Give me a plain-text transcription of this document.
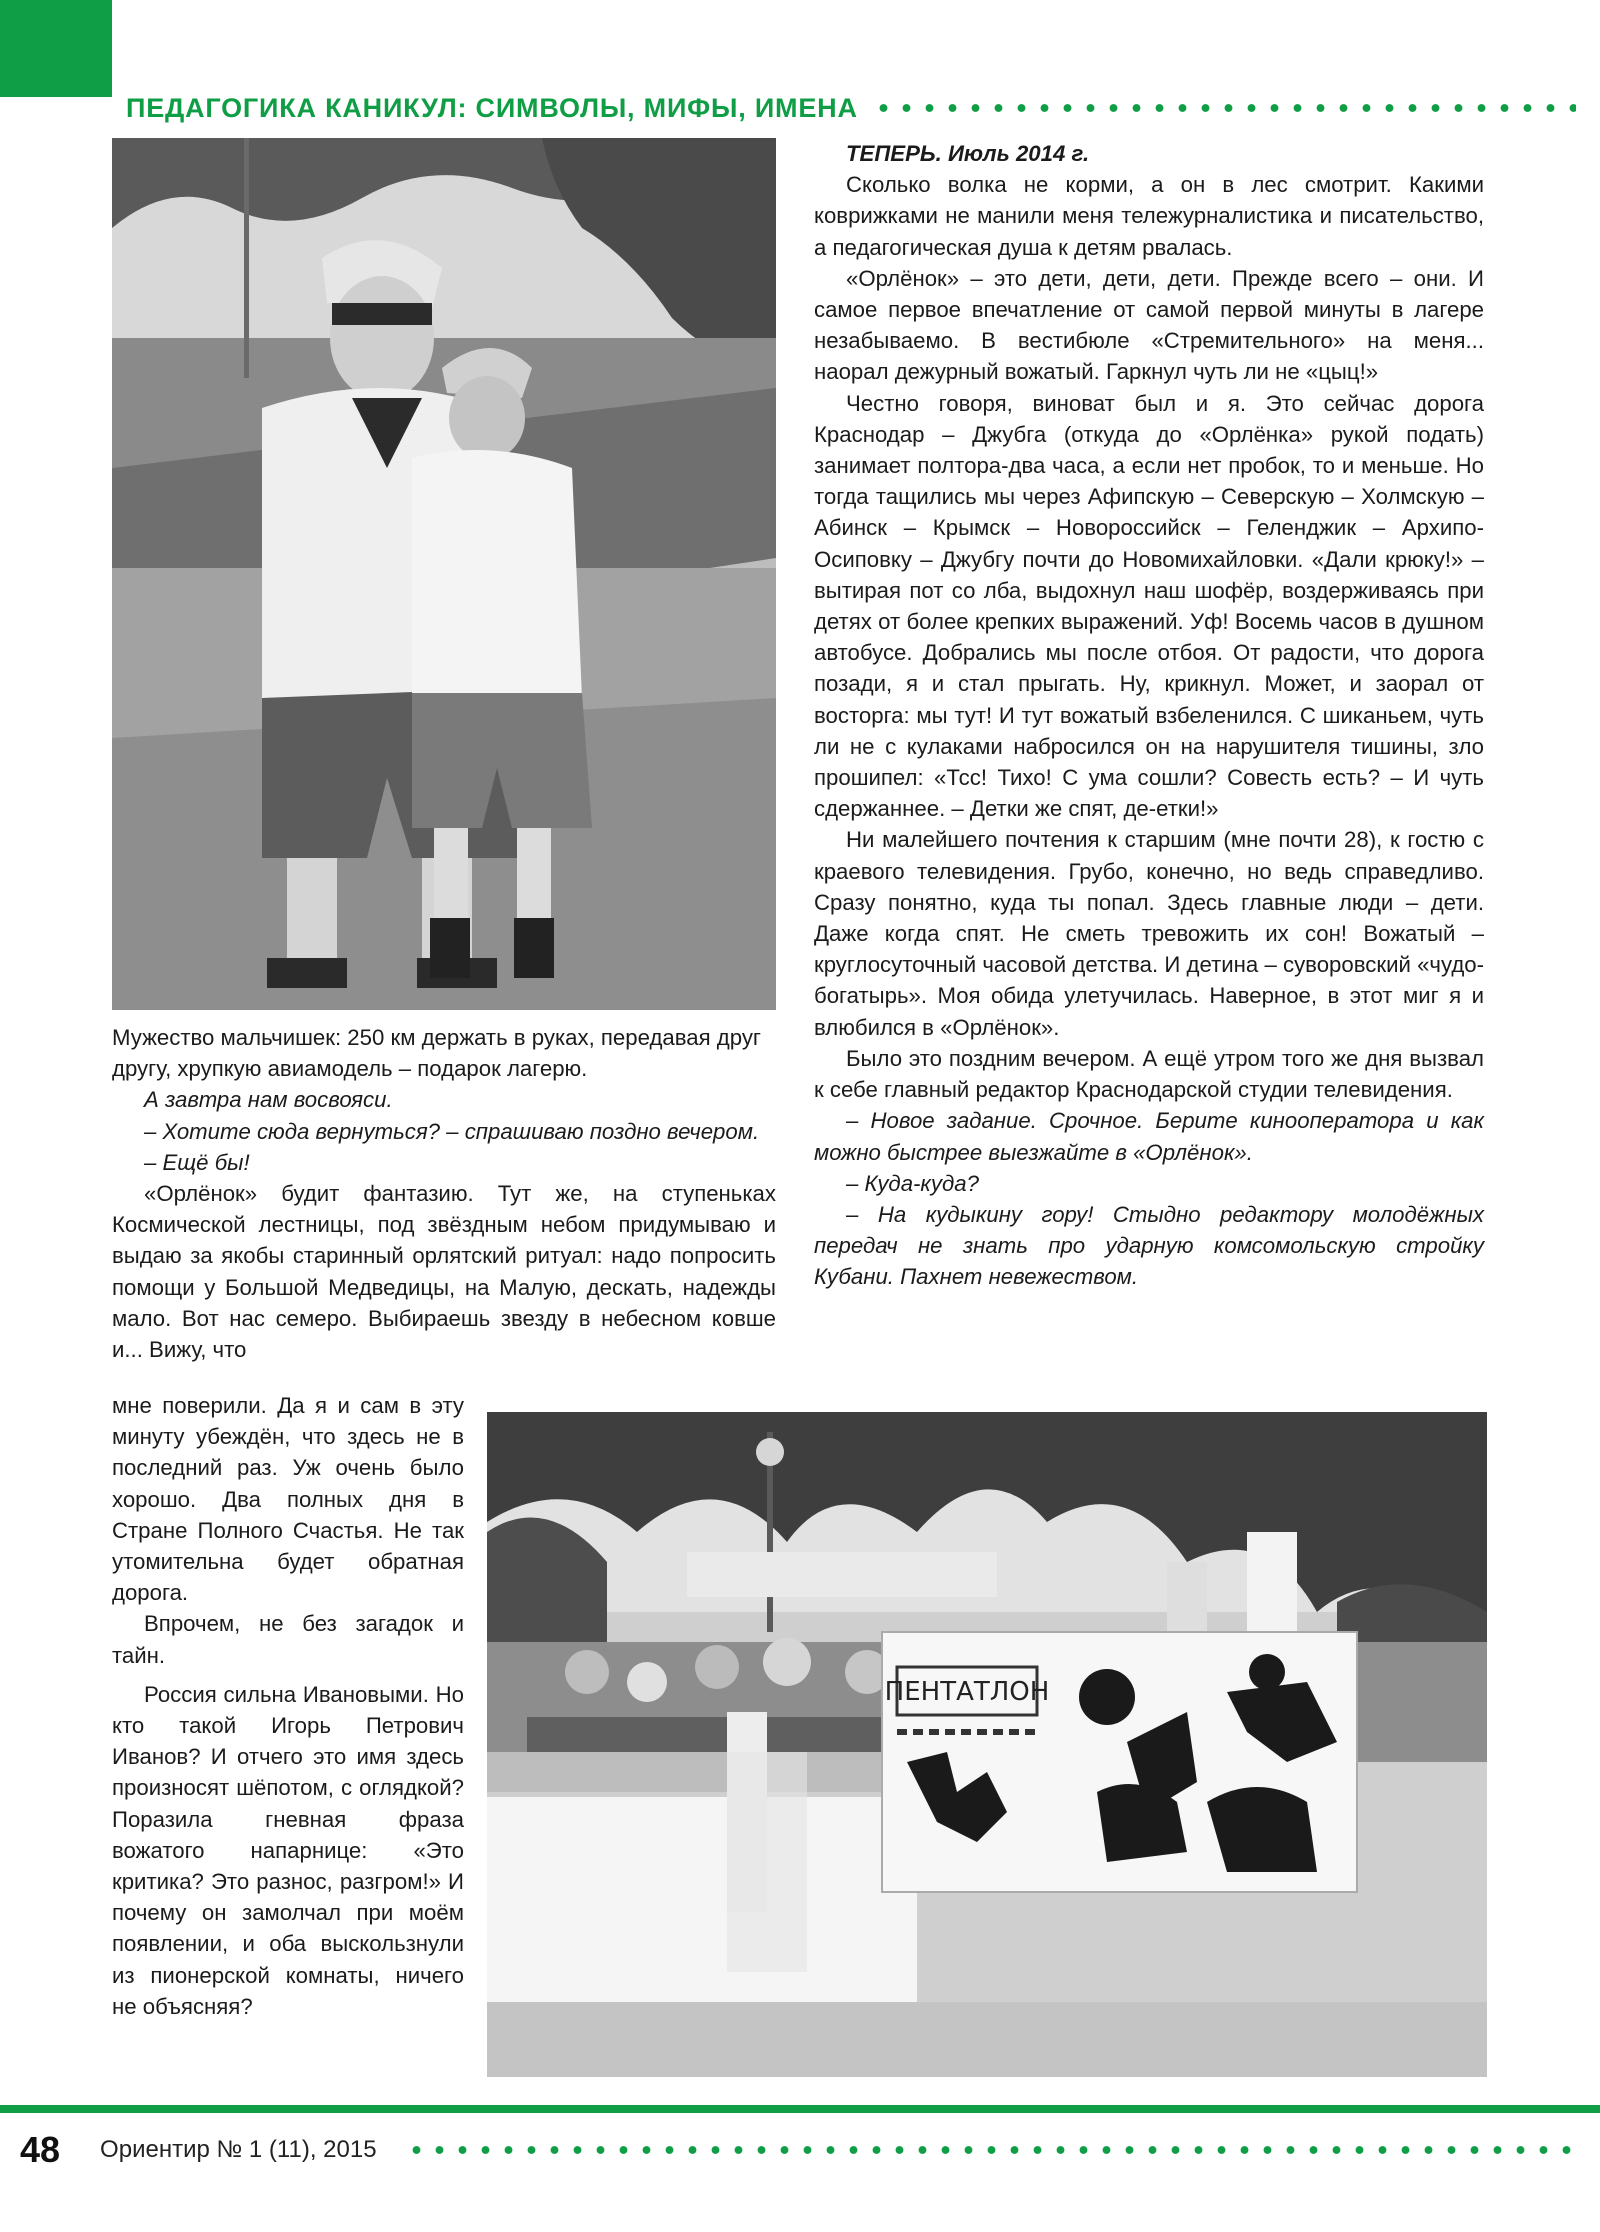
ПЕДАГОГИКА КАНИКУЛ: СИМВОЛЫ, МИФЫ, ИМЕНА

ТЕПЕРЬ. Июль 2014 г.

Сколько волка не корми, а он в лес смотрит. Какими коврижками не манили меня тележурналистика и писательство, а педагогическая душа к детям рвалась.

«Орлёнок» – это дети, дети, дети. Прежде всего – они. И самое первое впечатление от самой первой минуты в лагере незабываемо. В вестибюле «Стремительного» на меня... наорал дежурный вожатый. Гаркнул чуть ли не «цыц!»

Честно говоря, виноват был и я. Это сейчас дорога Краснодар – Джубга (откуда до «Орлёнка» рукой подать) занимает полтора-два часа, а если нет пробок, то и меньше. Но тогда тащились мы через Афипскую – Северскую – Холмскую – Абинск – Крымск – Новороссийск – Геленджик – Архипо-Осиповку – Джубгу почти до Новомихайловки. «Дали крюку!» – вытирая пот со лба, выдохнул наш шофёр, воздерживаясь при детях от более крепких выражений. Уф! Восемь часов в душном автобусе. Добрались мы после отбоя. От радости, что дорога позади, я и стал прыгать. Ну, крикнул. Может, и заорал от восторга: мы тут! И тут вожатый взбеленился. С шиканьем, чуть ли не с кулаками набросился он на нарушителя тишины, зло прошипел: «Тсс! Тихо! С ума сошли? Совесть есть? – И чуть сдержаннее. – Детки же спят, де-етки!»

Ни малейшего почтения к старшим (мне почти 28), к гостю с краевого телевидения. Грубо, конечно, но ведь справедливо. Сразу понятно, куда ты попал. Здесь главные люди – дети. Даже когда спят. Не сметь тревожить их сон! Вожатый – круглосуточный часовой детства. И детина – суворовский «чудо-богатырь». Моя обида улетучилась. Наверное, в этот миг я и влюбился в «Орлёнок».

Было это поздним вечером. А ещё утром того же дня вызвал к себе главный редактор Краснодарской студии телевидения.

– Новое задание. Срочное. Берите кинооператора и как можно быстрее выезжайте в «Орлёнок».

– Куда-куда?

– На кудыкину гору! Стыдно редактору молодёжных передач не знать про ударную комсомольскую стройку Кубани. Пахнет невежеством.

Мужество мальчишек: 250 км держать в руках, передавая друг другу, хрупкую авиамодель – подарок лагерю.

А завтра нам восвояси.

– Хотите сюда вернуться? – спрашиваю поздно вечером.

– Ещё бы!

«Орлёнок» будит фантазию. Тут же, на ступеньках Космической лестницы, под звёздным небом придумываю и выдаю за якобы старинный орлятский ритуал: надо попросить помощи у Большой Медведицы, на Малую, дескать, надежды мало. Вот нас семеро. Выбираешь звезду в небесном ковше и... Вижу, что

мне поверили. Да я и сам в эту минуту убеждён, что здесь не в последний раз. Уж очень было хорошо. Два полных дня в Стране Полного Счастья. Не так утомительна будет обратная дорога.

Впрочем, не без загадок и тайн.

Россия сильна Ивановыми. Но кто такой Игорь Петрович Иванов? И отчего это имя здесь произносят шёпотом, с оглядкой? Поразила гневная фраза вожатого напарнице: «Это критика? Это разнос, разгром!» И почему он замолчал при моём появлении, и оба выскользнули из пионерской комнаты, ничего не объясняя?

ПЕНТАТЛОН
48 Ориентир № 1 (11), 2015
